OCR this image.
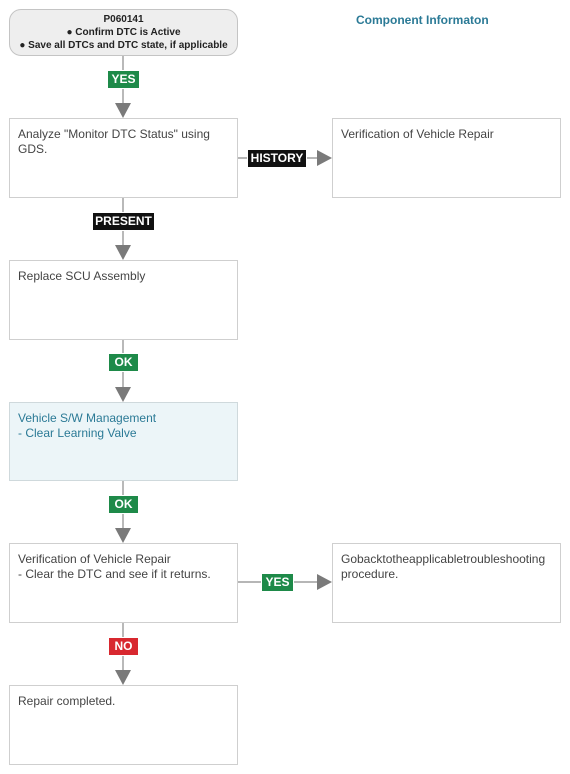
P060141
● Confirm DTC is Active
● Save all DTCs and DTC state, if applicable
Component Informaton
YES
HISTORY
PRESENT
OK
OK
YES
NO
Analyze "Monitor DTC Status" using
GDS.
Verification of Vehicle Repair
Replace SCU Assembly
Vehicle S/W Management
- Clear Learning Valve
Verification of Vehicle Repair
- Clear the DTC and see if it returns.
Gobacktotheapplicabletroubleshooting
procedure.
Repair completed.
